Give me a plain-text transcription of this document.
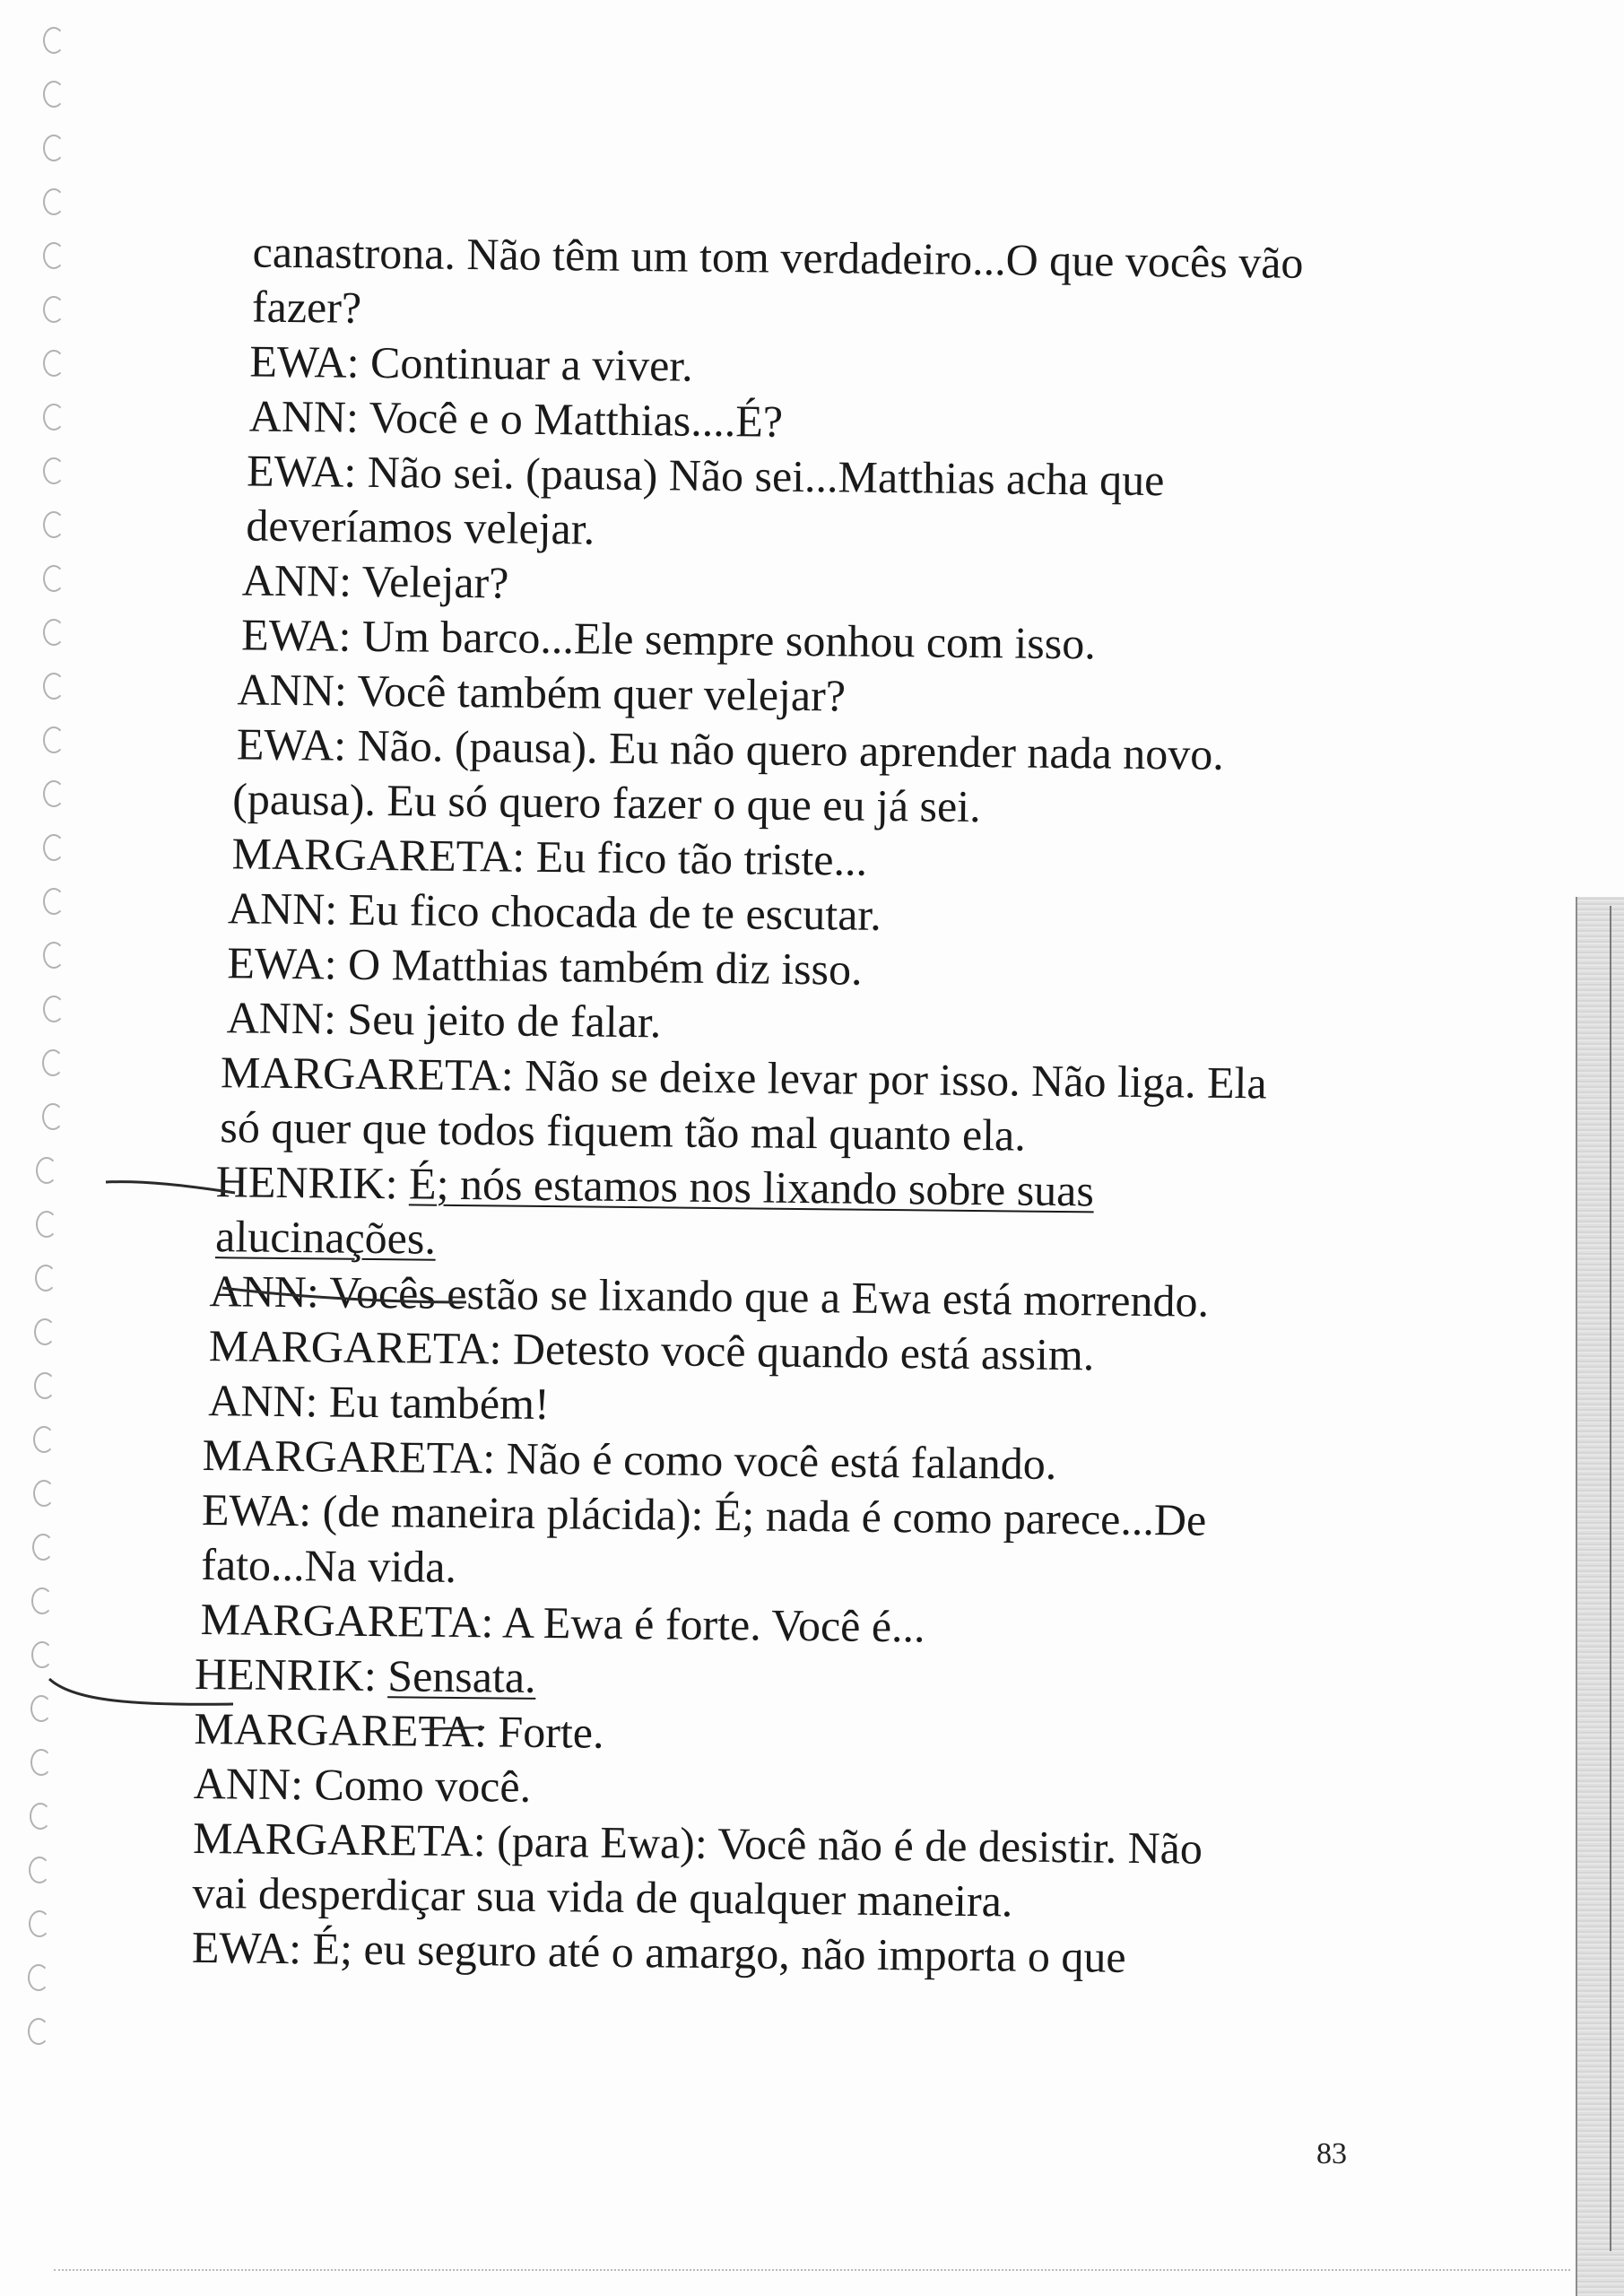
canastrona. Não têm um tom verdadeiro...O que vocês vão
fazer?
EWA: Continuar a viver.
ANN: Você e o Matthias....É?
EWA: Não sei. (pausa) Não sei...Matthias acha que
deveríamos velejar.
ANN: Velejar?
EWA: Um barco...Ele sempre sonhou com isso.
ANN: Você também quer velejar?
EWA: Não. (pausa). Eu não quero aprender nada novo.
(pausa). Eu só quero fazer o que eu já sei.
MARGARETA: Eu fico tão triste...
ANN: Eu fico chocada de te escutar.
EWA: O Matthias também diz isso.
ANN: Seu jeito de falar.
MARGARETA: Não se deixe levar por isso. Não liga. Ela
só quer que todos fiquem tão mal quanto ela.
HENRIK: É; nós estamos nos lixando sobre suas
alucinações.
ANN: Vocês estão se lixando que a Ewa está morrendo.
MARGARETA: Detesto você quando está assim.
ANN: Eu também!
MARGARETA: Não é como você está falando.
EWA: (de maneira plácida): É; nada é como parece...De
fato...Na vida.
MARGARETA: A Ewa é forte. Você é...
HENRIK: Sensata.
MARGARETA: Forte.
ANN: Como você.
MARGARETA: (para Ewa): Você não é de desistir. Não
vai desperdiçar sua vida de qualquer maneira.
EWA: É; eu seguro até o amargo, não importa o que
83
